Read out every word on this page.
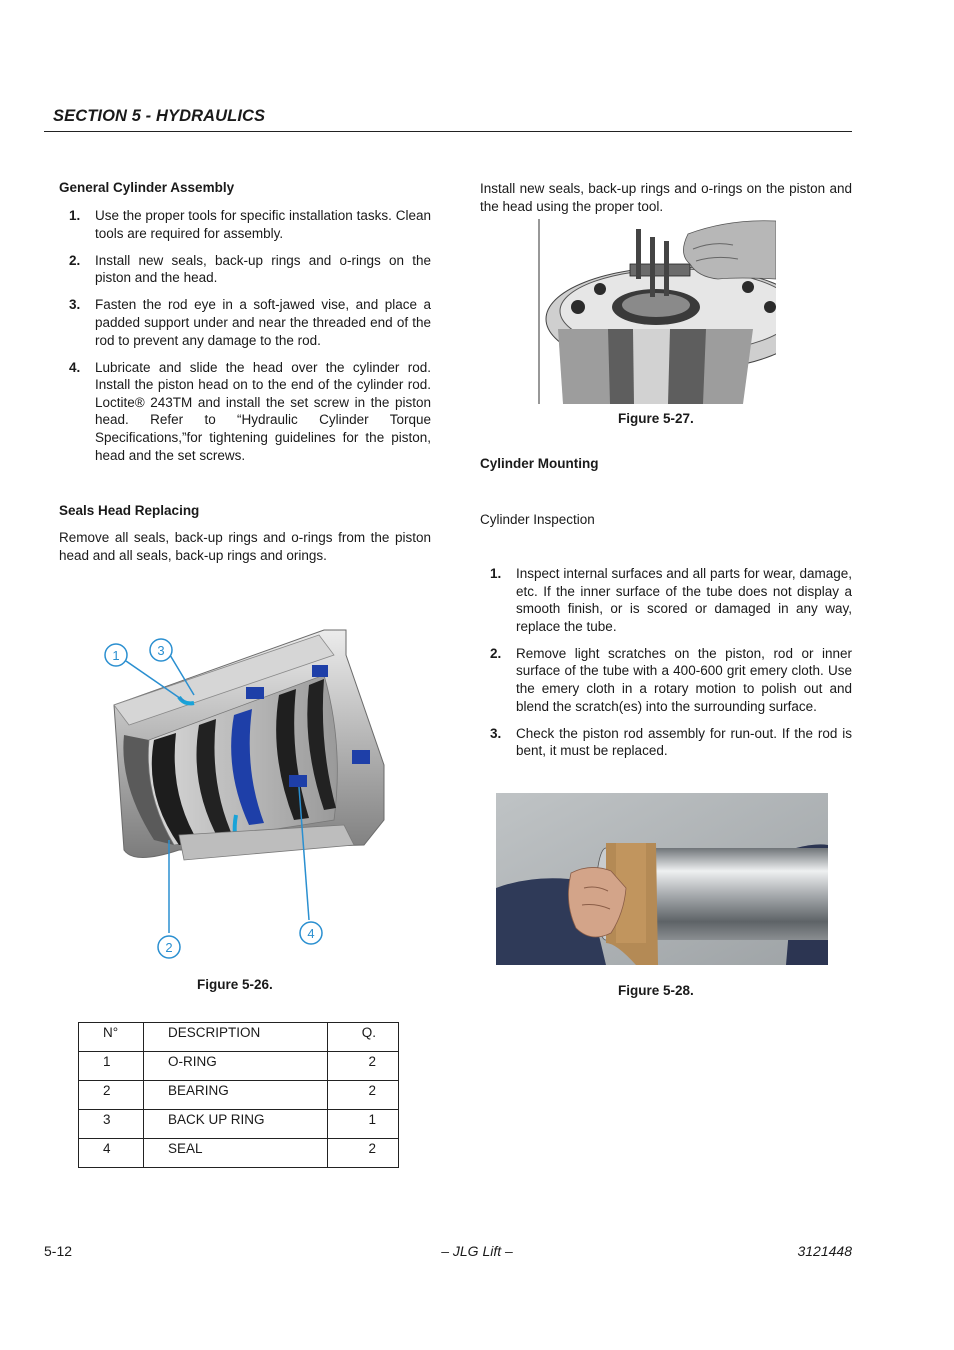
SECTION 5 - HYDRAULICS
General Cylinder Assembly
1. Use the proper tools for specific installation tasks. Clean tools are required for assembly.
2. Install new seals, back-up rings and o-rings on the piston and the head.
3. Fasten the rod eye in a soft-jawed vise, and place a padded support under and near the threaded end of the rod to prevent any damage to the rod.
4. Lubricate and slide the head over the cylinder rod. Install the piston head on to the end of the cylinder rod. Loctite® 243TM and install the set screw in the piston head. Refer to “Hydraulic Cylinder Torque Specifications,”for tightening guidelines for the piston, head and the set screws.
Seals Head Replacing
Remove all seals, back-up rings and o-rings from the piston head and all seals, back-up rings and orings.
1	3
2
4
Figure 5-26.
N°	DESCRIPTION	Q.

1	O-RING	2

2	BEARING	2

3	BACK UP RING	1

4	SEAL	2
Install new seals, back-up rings and o-rings on the piston and the head using the proper tool.
Figure 5-27.
Cylinder Mounting
Cylinder Inspection
1. Inspect internal surfaces and all parts for wear, damage, etc. If the inner surface of the tube does not display a smooth finish, or is scored or damaged in any way, replace the tube.
2. Remove light scratches on the piston, rod or inner surface of the tube with a 400-600 grit emery cloth. Use the emery cloth in a rotary motion to polish out and blend the scratch(es) into the surrounding surface.
3. Check the piston rod assembly for run-out. If the rod is bent, it must be replaced.
Figure 5-28.
5-12	– JLG Lift –	3121448
